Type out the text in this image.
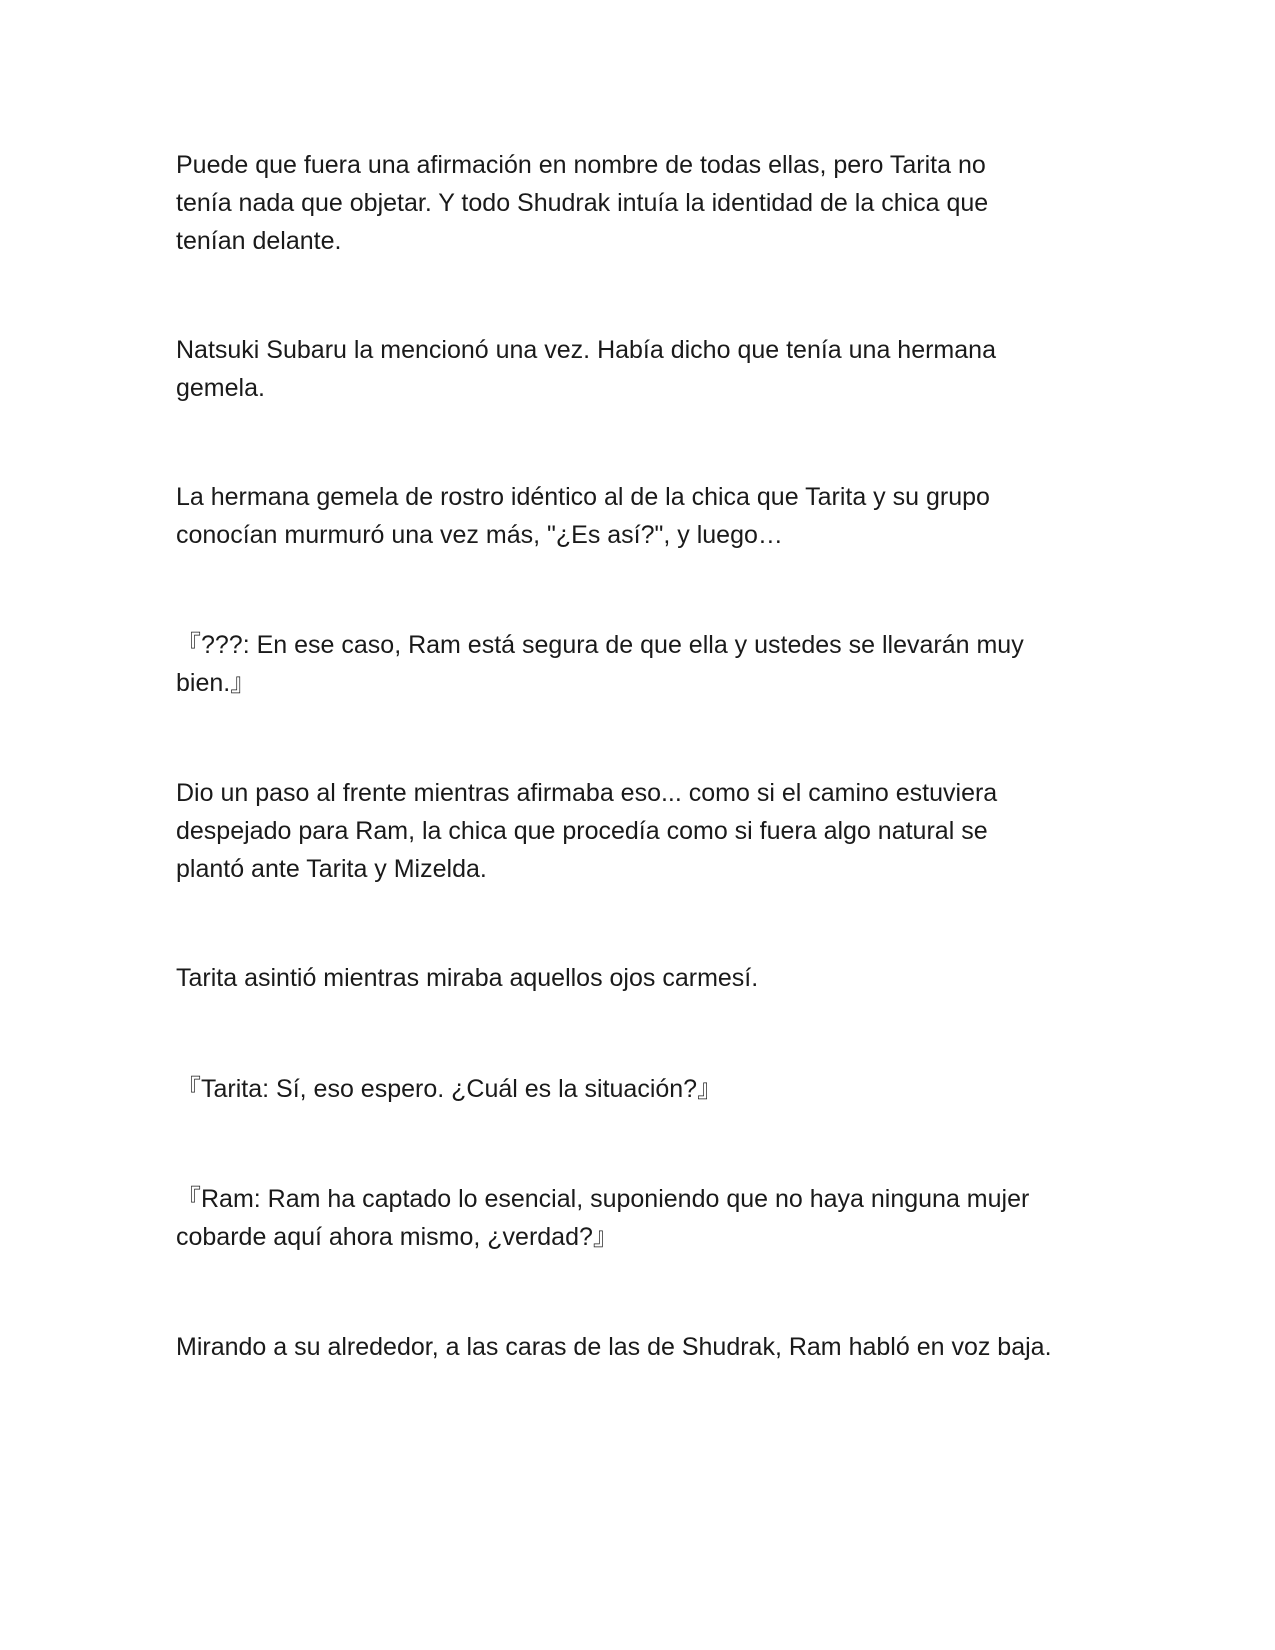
Puede que fuera una afirmación en nombre de todas ellas, pero Tarita no
tenía nada que objetar. Y todo Shudrak intuía la identidad de la chica que
tenían delante.

Natsuki Subaru la mencionó una vez. Había dicho que tenía una hermana
gemela.

La hermana gemela de rostro idéntico al de la chica que Tarita y su grupo
conocían murmuró una vez más, "¿Es así?", y luego…

『???: En ese caso, Ram está segura de que ella y ustedes se llevarán muy
bien.』

Dio un paso al frente mientras afirmaba eso... como si el camino estuviera
despejado para Ram, la chica que procedía como si fuera algo natural se
plantó ante Tarita y Mizelda.

Tarita asintió mientras miraba aquellos ojos carmesí.

『Tarita: Sí, eso espero. ¿Cuál es la situación?』

『Ram: Ram ha captado lo esencial, suponiendo que no haya ninguna mujer
cobarde aquí ahora mismo, ¿verdad?』

Mirando a su alrededor, a las caras de las de Shudrak, Ram habló en voz baja.
